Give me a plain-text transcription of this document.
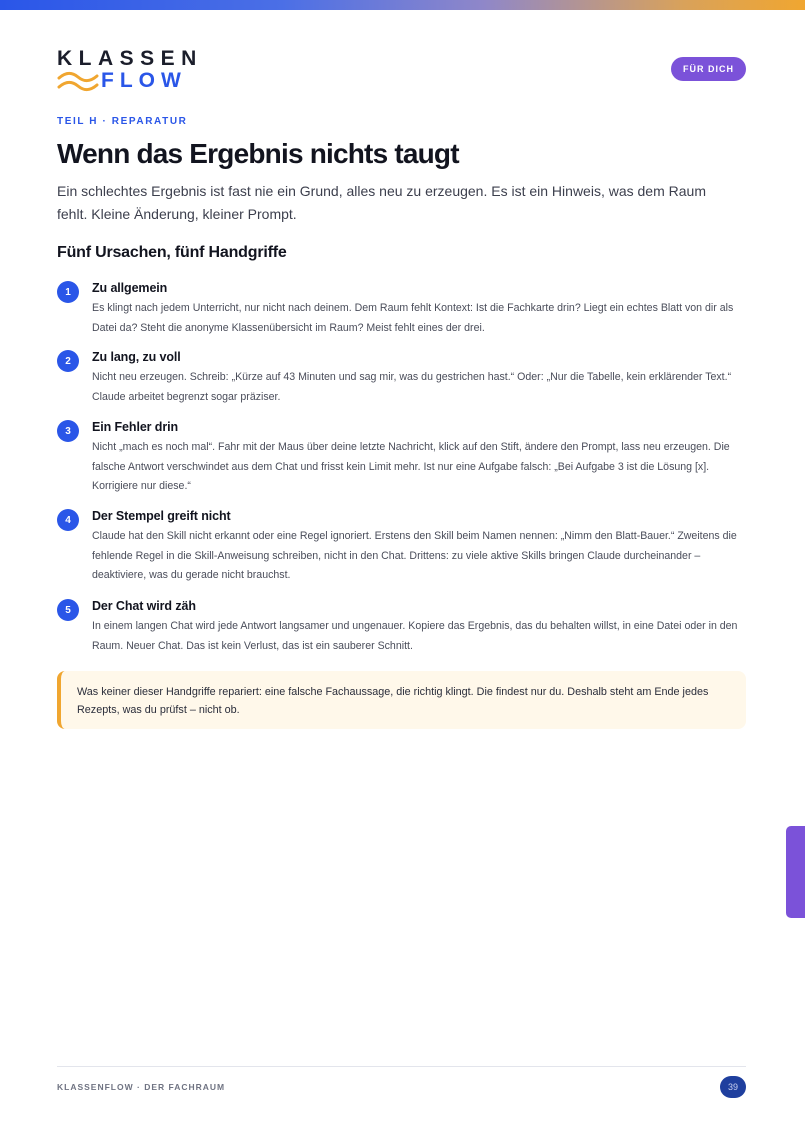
KLASSEN
FLOW	FÜR DICH
TEIL H · REPARATUR
Wenn das Ergebnis nichts taugt
Ein schlechtes Ergebnis ist fast nie ein Grund, alles neu zu erzeugen. Es ist ein Hinweis, was dem Raum fehlt. Kleine Änderung, kleiner Prompt.
Fünf Ursachen, fünf Handgriffe
1	Zu allgemein
Es klingt nach jedem Unterricht, nur nicht nach deinem. Dem Raum fehlt Kontext: Ist die Fachkarte drin? Liegt ein echtes Blatt von dir als Datei da? Steht die anonyme Klassenübersicht im Raum? Meist fehlt eines der drei.
2	Zu lang, zu voll
Nicht neu erzeugen. Schreib: „Kürze auf 43 Minuten und sag mir, was du gestrichen hast.“ Oder: „Nur die Tabelle, kein erklärender Text.“ Claude arbeitet begrenzt sogar präziser.
3	Ein Fehler drin
Nicht „mach es noch mal“. Fahr mit der Maus über deine letzte Nachricht, klick auf den Stift, ändere den Prompt, lass neu erzeugen. Die falsche Antwort verschwindet aus dem Chat und frisst kein Limit mehr. Ist nur eine Aufgabe falsch: „Bei Aufgabe 3 ist die Lösung [x]. Korrigiere nur diese.“
4	Der Stempel greift nicht
Claude hat den Skill nicht erkannt oder eine Regel ignoriert. Erstens den Skill beim Namen nennen: „Nimm den Blatt-Bauer.“ Zweitens die fehlende Regel in die Skill-Anweisung schreiben, nicht in den Chat. Drittens: zu viele aktive Skills bringen Claude durcheinander – deaktiviere, was du gerade nicht brauchst.
5	Der Chat wird zäh
In einem langen Chat wird jede Antwort langsamer und ungenauer. Kopiere das Ergebnis, das du behalten willst, in eine Datei oder in den Raum. Neuer Chat. Das ist kein Verlust, das ist ein sauberer Schnitt.
Was keiner dieser Handgriffe repariert: eine falsche Fachaussage, die richtig klingt. Die findest nur du. Deshalb steht am Ende jedes Rezepts, was du prüfst – nicht ob.
KLASSENFLOW · DER FACHRAUM	39
